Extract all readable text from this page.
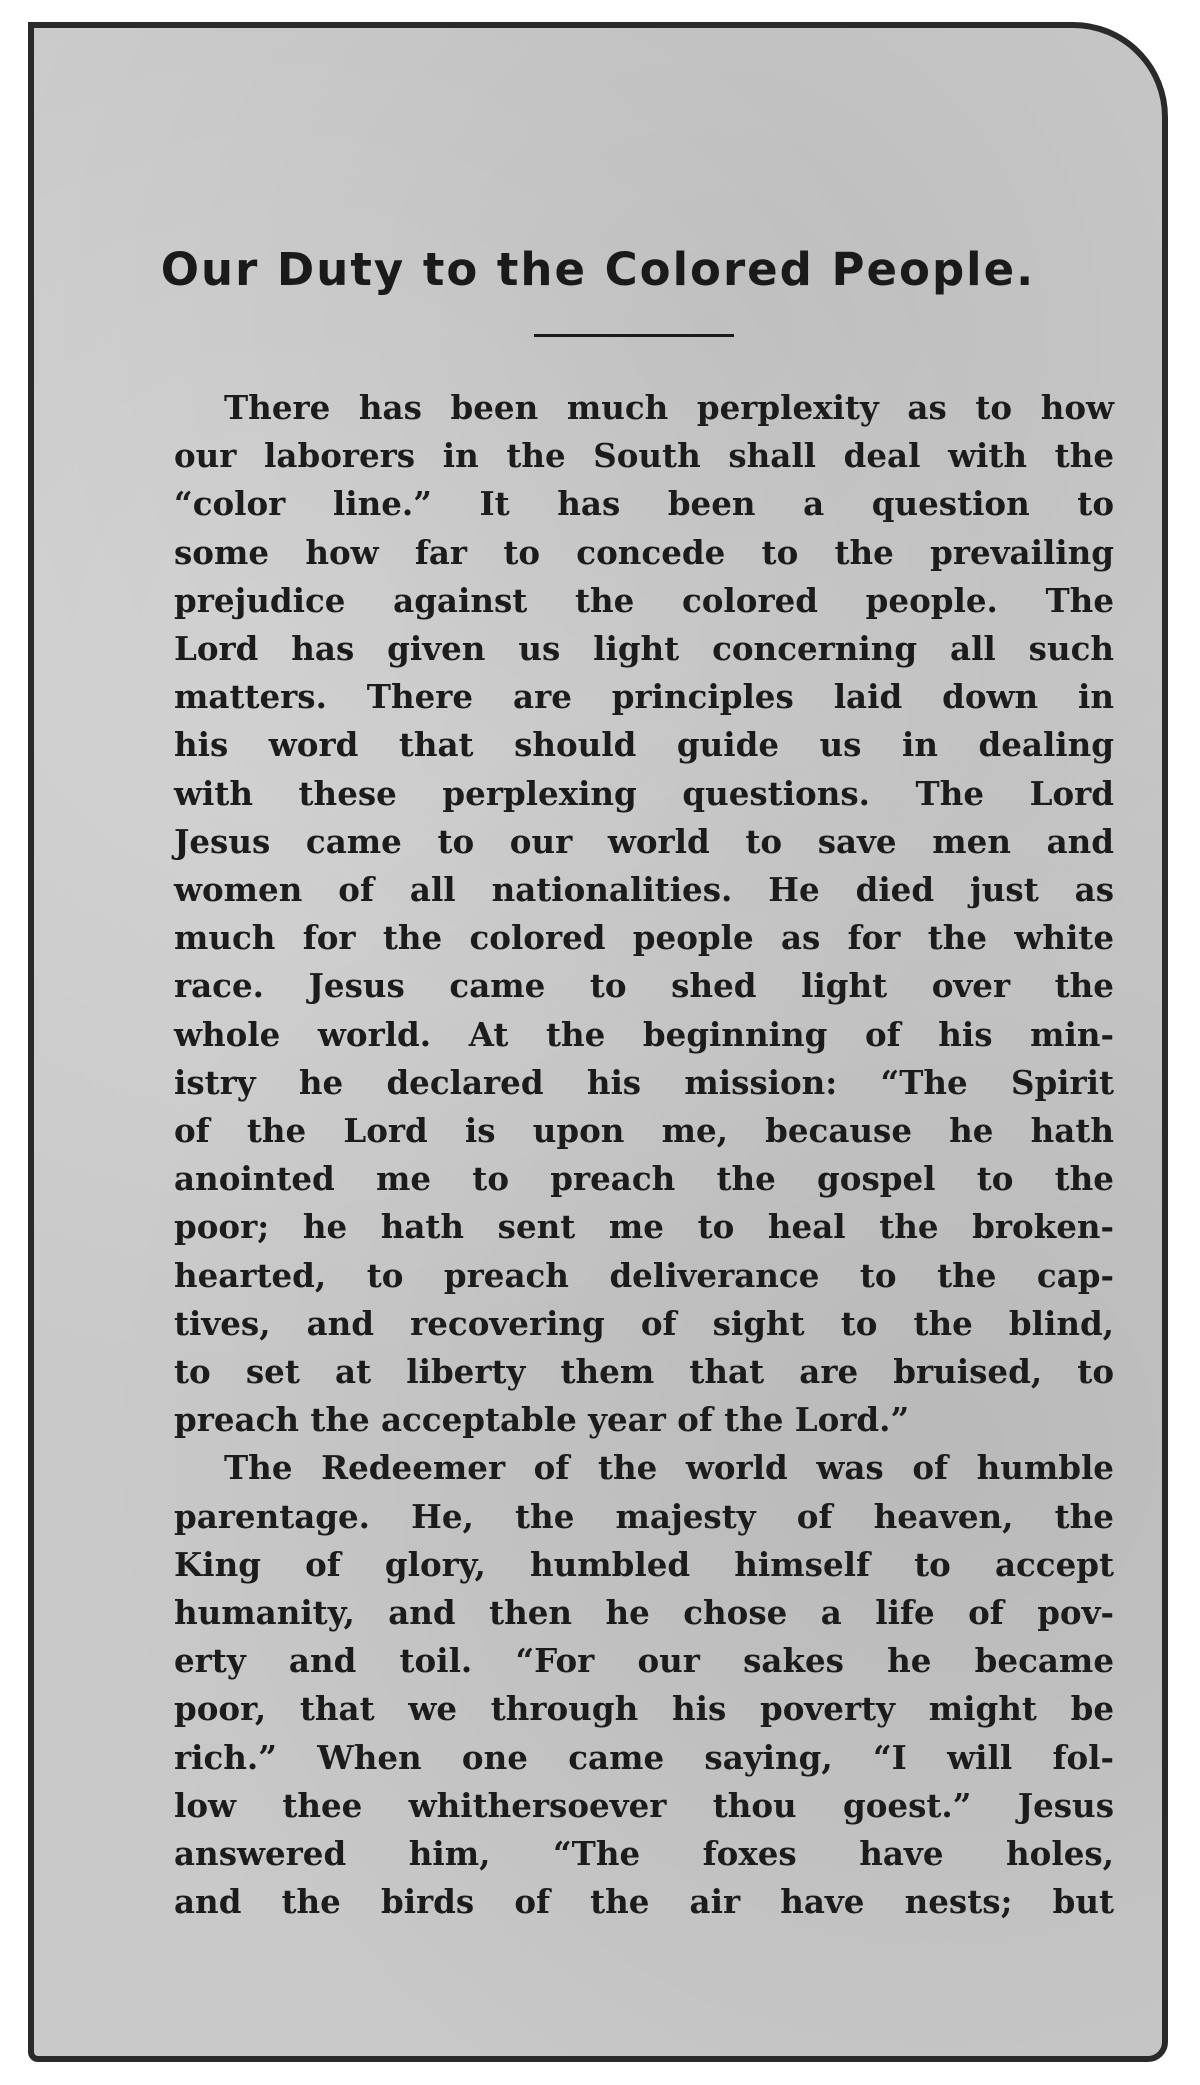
Our Duty to the Colored People.
There has been much perplexity as to how
our laborers in the South shall deal with the
“color line.” It has been a question to
some how far to concede to the prevailing
prejudice against the colored people. The
Lord has given us light concerning all such
matters. There are principles laid down in
his word that should guide us in dealing
with these perplexing questions. The Lord
Jesus came to our world to save men and
women of all nationalities. He died just as
much for the colored people as for the white
race. Jesus came to shed light over the
whole world. At the beginning of his min-
istry he declared his mission: “The Spirit
of the Lord is upon me, because he hath
anointed me to preach the gospel to the
poor; he hath sent me to heal the broken-
hearted, to preach deliverance to the cap-
tives, and recovering of sight to the blind,
to set at liberty them that are bruised, to
preach the acceptable year of the Lord.”
The Redeemer of the world was of humble
parentage. He, the majesty of heaven, the
King of glory, humbled himself to accept
humanity, and then he chose a life of pov-
erty and toil. “For our sakes he became
poor, that we through his poverty might be
rich.” When one came saying, “I will fol-
low thee whithersoever thou goest.” Jesus
answered him, “The foxes have holes,
and the birds of the air have nests; but
